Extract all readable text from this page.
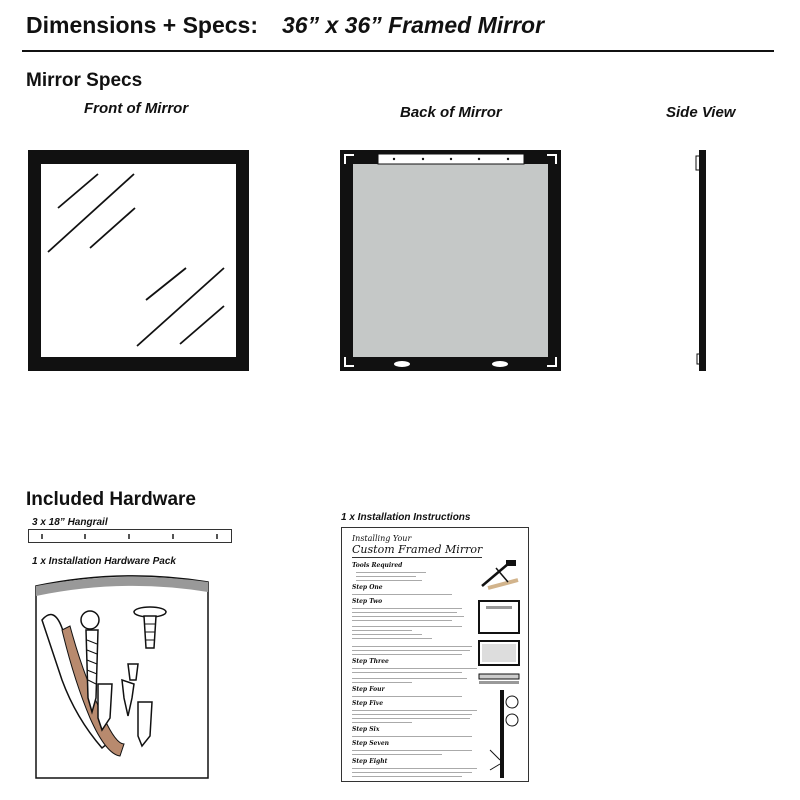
Dimensions + Specs: 36” x 36” Framed Mirror
Mirror Specs
Front of Mirror	Back of Mirror	Side View
Included Hardware
3 x 18” Hangrail
1 x Installation Hardware Pack
1 x Installation Instructions
Installing Your
Custom Framed Mirror
Tools Required
Step One
Step Two
Step Three
Step Four
Step Five
Step Six
Step Seven
Step Eight
